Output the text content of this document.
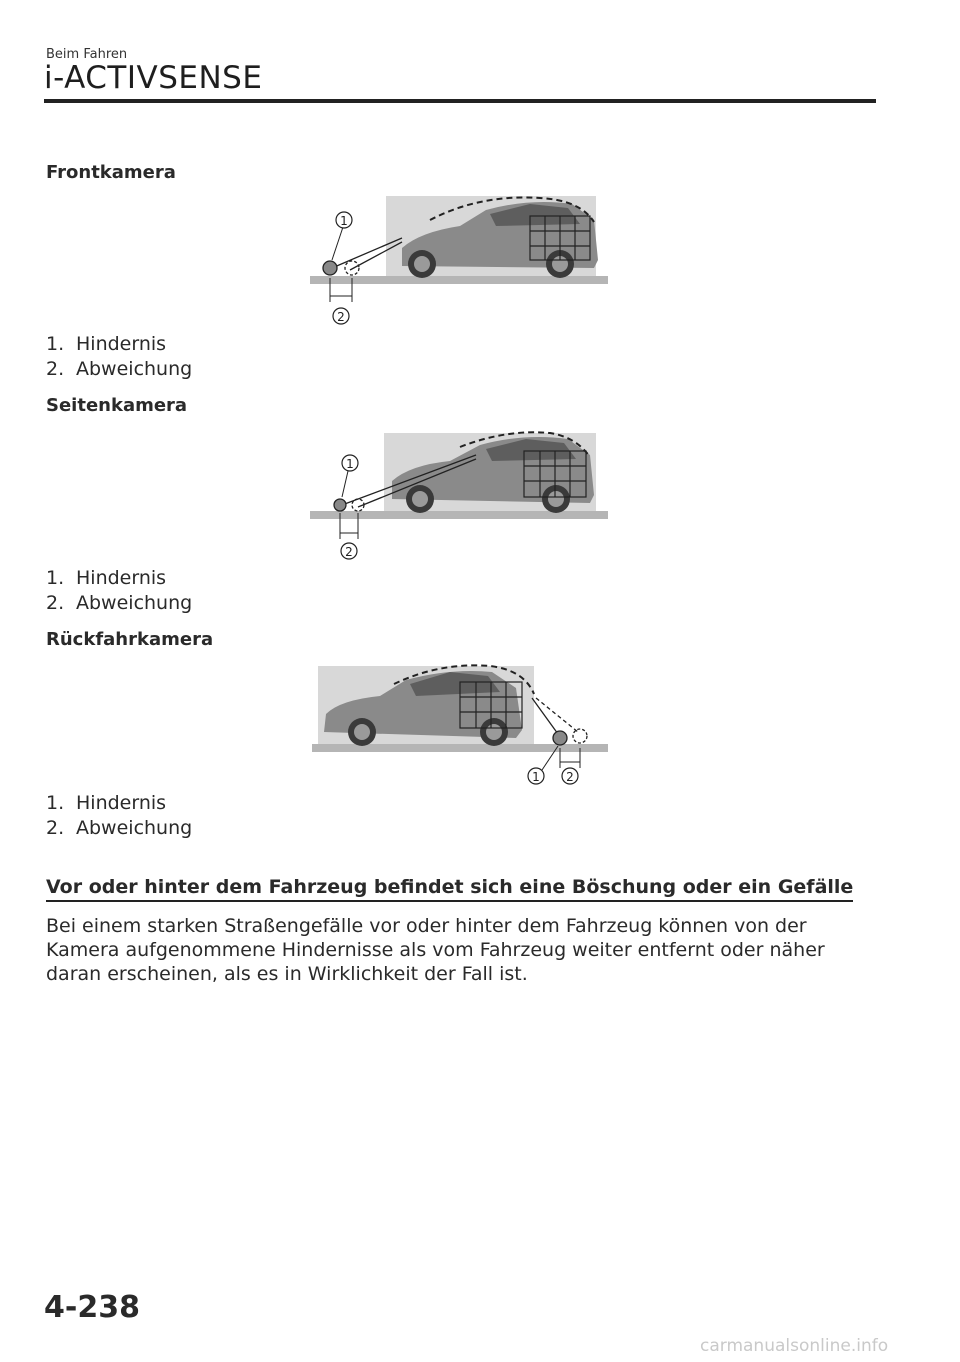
Beim Fahren
i-ACTIVSENSE
Frontkamera
1
2
1. Hindernis
2. Abweichung
Seitenkamera
1
2
1. Hindernis
2. Abweichung
Rückfahrkamera
1 2
1. Hindernis
2. Abweichung
Vor oder hinter dem Fahrzeug befindet sich eine Böschung oder ein Gefälle
Bei einem starken Straßengefälle vor oder hinter dem Fahrzeug können von der Kamera aufgenommene Hindernisse als vom Fahrzeug weiter entfernt oder näher daran erscheinen, als es in Wirklichkeit der Fall ist.
4-238
carmanualsonline.info
